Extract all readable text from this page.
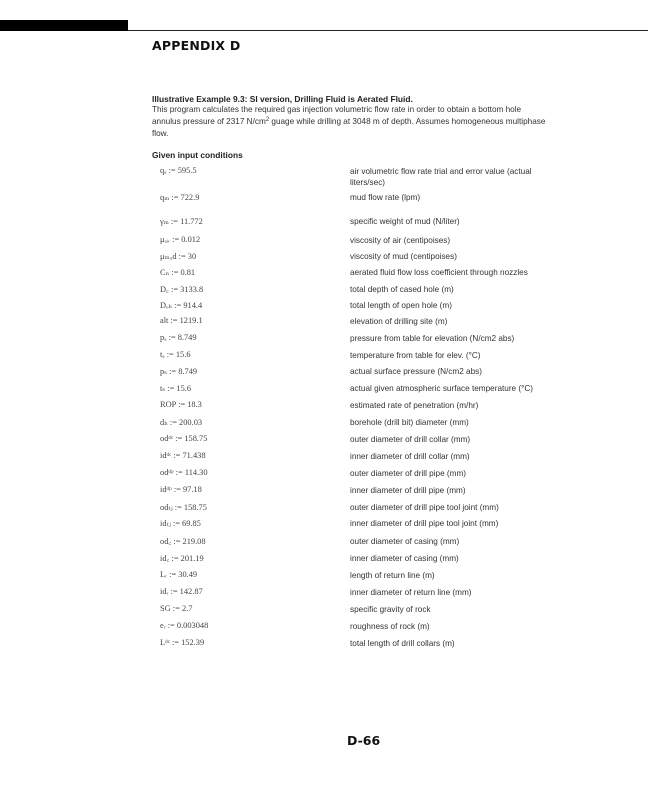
APPENDIX D
Illustrative Example 9.3: SI version, Drilling Fluid is Aerated Fluid.
This program calculates the required gas injection volumetric flow rate in order to obtain a bottom hole annulus pressure of 2317 $N/cm^2$ guage while drilling at 3048 m of depth. Assumes homogeneous multiphase flow.
Given input conditions
qₐ := 595.5	air volumetric flow rate trial and error value (actual liters/sec)
qₘ := 722.9	mud flow rate (lpm)
γₘ := 11.772	specific weight of mud (N/liter)
μₐᵢᵣ := 0.012	viscosity of air (centipoises)
μₘᵤd := 30	viscosity of mud (centipoises)
Cₙ := 0.81	aerated fluid flow loss coefficient through nozzles
D꜀ := 3133.8	total depth of cased hole (m)
Dₒₕ := 914.4	total length of open hole (m)
alt := 1219.1	elevation of drilling site (m)
pₐ := 8.749	pressure from table for elevation (N/cm2 abs)
tₐ := 15.6	temperature from table for elev. (°C)
pₛ := 8.749	actual surface pressure (N/cm2 abs)
tₛ := 15.6	actual given atmospheric surface temperature (°C)
ROP := 18.3	estimated rate of penetration (m/hr)
dₕ := 200.03	borehole (drill bit) diameter (mm)
odᵈᶜ := 158.75	outer diameter of drill collar (mm)
idᵈᶜ := 71.438	inner diameter of drill collar (mm)
odᵈᵖ := 114.30	outer diameter of drill pipe (mm)
idᵈᵖ := 97.18	inner diameter of drill pipe (mm)
odₜⱼ := 158.75	outer diameter of drill pipe tool joint (mm)
idₜⱼ := 69.85	inner diameter of drill pipe tool joint (mm)
od꜀ := 219.08	outer diameter of casing (mm)
id꜀ := 201.19	inner diameter of casing (mm)
Lᵣ := 30.49	length of return line (m)
idᵣ := 142.87	inner diameter of return line (mm)
SG := 2.7	specific gravity of rock
eᵣ := 0.003048	roughness of rock (m)
Lᵈᶜ := 152.39	total length of drill collars (m)
D-66
